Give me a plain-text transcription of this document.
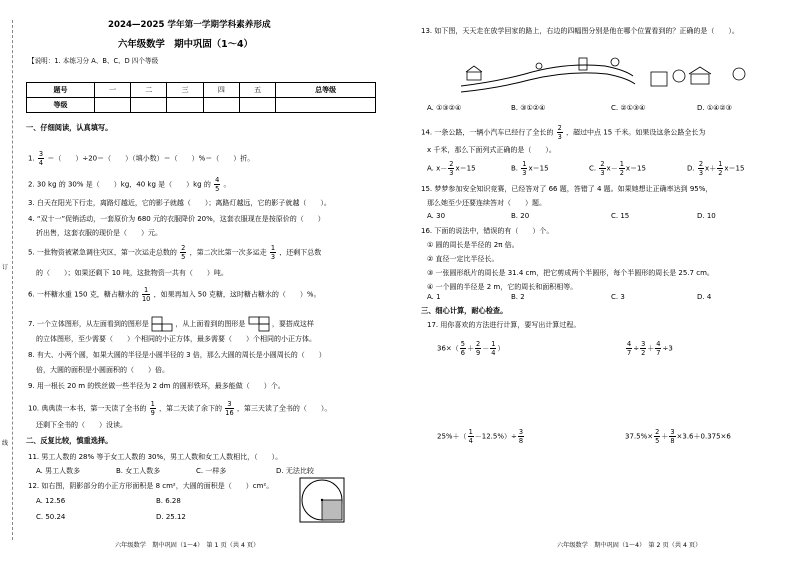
订
线
2024—2025 学年第一学期学科素养形成
六年级数学　期中巩固（1～4）
【说明：1. 本练习分 A、B、C、D 四个等级
题号	一	二	三	四	五	总等级
等级						
一、仔细阅读，认真填写。
1. $\frac{3}{4}$ ＝（　　）÷20＝（　　）（填小数）＝（　　）%＝（　　）折。
2. 30 kg 的 30% 是（　　）kg，40 kg 是（　　）kg 的 $\frac{4}{5}$ 。
3. 白天在阳光下行走，离路灯越近，它的影子就越（　　）；离路灯越远，它的影子就越（　　）。
4. “双十一”促销活动，一套原价为 680 元的衣服降价 20%，这套衣服现在是按原价的（　　）
折出售，这套衣服的现价是（　　）元。
5. 一批物资被紧急调往灾区，第一次运走总数的 $\frac{2}{5}$ ，第二次比第一次多运走 $\frac{1}{3}$ ，还剩下总数
的（　　）；如果还剩下 10 吨，这批物资一共有（　　）吨。
6. 一杯糖水重 150 克，糖占糖水的 $\frac{1}{10}$ ，如果再加入 50 克糖，这时糖占糖水的（　　）%。
7. 一个立体图形，从左面看到的图形是	，从上面看到的图形是	，要搭成这样
的立体图形，至少需要（　　）个相同的小正方体，最多需要（　　）个相同的小正方体。
8. 有大、小两个圆，如果大圆的半径是小圆半径的 3 倍，那么大圆的周长是小圆周长的（　　）
倍，大圆的面积是小圆面积的（　　）倍。
9. 用一根长 20 m 的铁丝做一些半径为 2 dm 的圆形铁环，最多能做（　　）个。
10. 典典读一本书，第一天读了全书的 $\frac{1}{9}$ ，第二天读了余下的 $\frac{3}{16}$ ，第三天读了全书的（　　）。
还剩下全书的（　　）没读。
二、反复比较，慎重选择。
11. 男工人数的 28% 等于女工人数的 30%，男工人数和女工人数相比，（　　）。
A. 男工人数多	B. 女工人数多	C. 一样多	D. 无法比较
12. 如右图，阴影部分的小正方形面积是 8 cm²，大圆的面积是（　　）cm²。
A. 12.56	B. 6.28
C. 50.24	D. 25.12
六年级数学　期中巩固（1～4）　第 1 页（共 4 页）
13. 如下图，天天走在放学回家的路上，右边的四幅图分别是他在哪个位置看到的？正确的是（　　）。
A. ①③②④	B. ③①②④	C. ②①③④	D. ①④②③
14. 一条公路，一辆小汽车已经行了全长的 $\frac{2}{3}$ ，超过中点 15 千米。如果设这条公路全长为
x 千米，那么下面列式正确的是（　　）。
A. $x- \frac{2}{3} x=15$	B. $\frac{1}{3} x=15$	C. $\frac{2}{3} x- \frac{1}{2} x=15$	D. $\frac{2}{3} x+ \frac{1}{2} x=15$
15. 梦梦参加安全知识竞赛，已经答对了 66 题，答错了 4 题。如果她想让正确率达到 95%，
那么她至少还要连续答对（　　）题。
A. 30	B. 20	C. 15	D. 10
16. 下面的说法中，错误的有（　　）个。
① 圆的周长是半径的 2π 倍。
② 直径一定比半径长。
③ 一张圆形纸片的周长是 31.4 cm，把它剪成两个半圆形，每个半圆形的周长是 25.7 cm。
④ 一个圆的半径是 2 m，它的周长和面积相等。
A. 1	B. 2	C. 3	D. 4
三、细心计算，耐心检查。
17. 用你喜欢的方法进行计算，要写出计算过程。
$36\times( \frac{5}{6} + \frac{2}{9} - \frac{1}{4}$ ）	$\frac{4}{7} \div \frac{3}{2} + \frac{4}{7} \div 3$
$25\%+( \frac{1}{4} -12.5\%)\div \frac{3}{8}$	$37.5\%\times \frac{2}{5} + \frac{3}{8} \times 3.6+0.375\times 6$
六年级数学　期中巩固（1～4）　第 2 页（共 4 页）
